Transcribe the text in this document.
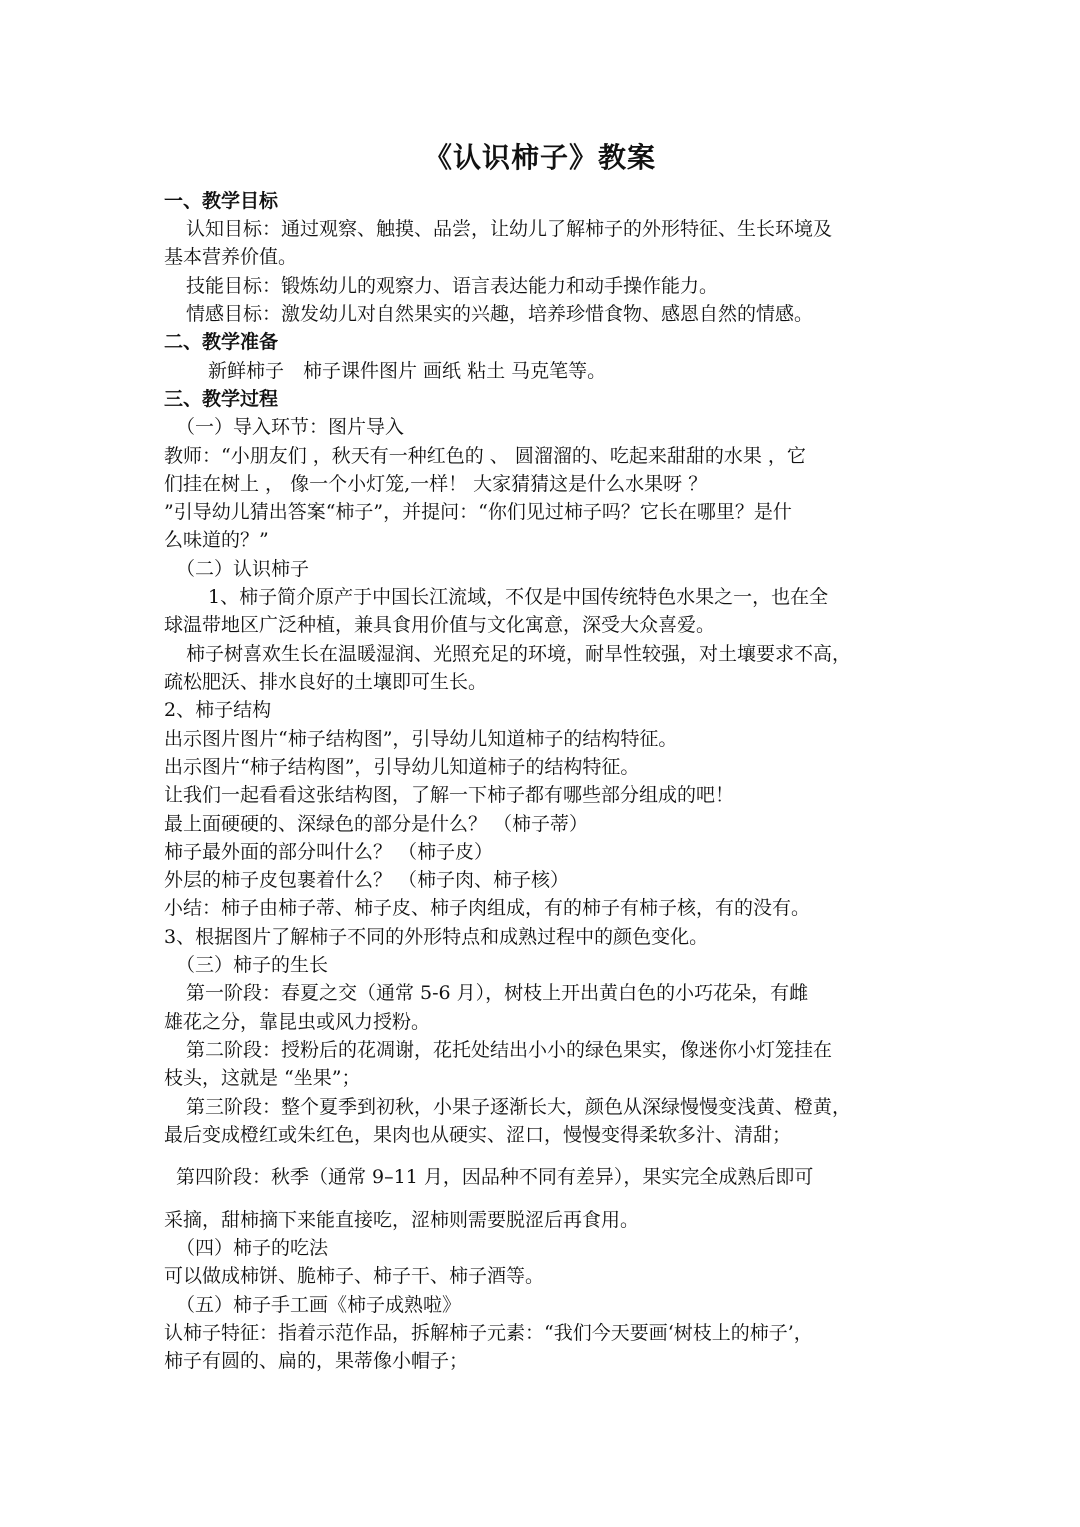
《认识柿子》教案
一、教学目标
认知目标：通过观察、触摸、品尝，让幼儿了解柿子的外形特征、生长环境及
基本营养价值。
技能目标：锻炼幼儿的观察力、语言表达能力和动手操作能力。
情感目标：激发幼儿对自然果实的兴趣，培养珍惜食物、感恩自然的情感。
二、教学准备
新鲜柿子　柿子课件图片 画纸 粘土 马克笔等。
三、教学过程
（一）导入环节：图片导入
教师：“小朋友们 ，秋天有一种红色的 、 圆溜溜的、吃起来甜甜的水果 ，它
们挂在树上 ， 像一个小灯笼,一样！ 大家猜猜这是什么水果呀 ？
”引导幼儿猜出答案“柿子”，并提问：“你们见过柿子吗？它长在哪里？是什
么味道的？”
（二）认识柿子
1、柿子简介原产于中国长江流域，不仅是中国传统特色水果之一，也在全
球温带地区广泛种植，兼具食用价值与文化寓意，深受大众喜爱。
柿子树喜欢生长在温暖湿润、光照充足的环境，耐旱性较强，对土壤要求不高，
疏松肥沃、排水良好的土壤即可生长。
2、柿子结构
出示图片图片“柿子结构图”，引导幼儿知道柿子的结构特征。
出示图片“柿子结构图”，引导幼儿知道柿子的结构特征。
让我们一起看看这张结构图，了解一下柿子都有哪些部分组成的吧！
最上面硬硬的、深绿色的部分是什么？ （柿子蒂）
柿子最外面的部分叫什么？ （柿子皮）
外层的柿子皮包裹着什么？ （柿子肉、柿子核）
小结：柿子由柿子蒂、柿子皮、柿子肉组成，有的柿子有柿子核，有的没有。
3、根据图片了解柿子不同的外形特点和成熟过程中的颜色变化。
（三）柿子的生长
第一阶段：春夏之交（通常 5-6 月），树枝上开出黄白色的小巧花朵，有雌
雄花之分，靠昆虫或风力授粉。
第二阶段：授粉后的花凋谢，花托处结出小小的绿色果实，像迷你小灯笼挂在
枝头，这就是 “坐果”；
第三阶段：整个夏季到初秋，小果子逐渐长大，颜色从深绿慢慢变浅黄、橙黄，
最后变成橙红或朱红色，果肉也从硬实、涩口，慢慢变得柔软多汁、清甜；
第四阶段：秋季（通常 9–11 月，因品种不同有差异），果实完全成熟后即可
采摘，甜柿摘下来能直接吃，涩柿则需要脱涩后再食用。
（四）柿子的吃法
可以做成柿饼、脆柿子、柿子干、柿子酒等。
（五）柿子手工画《柿子成熟啦》
认柿子特征：指着示范作品，拆解柿子元素：“我们今天要画‘树枝上的柿子’，
柿子有圆的、扁的，果蒂像小帽子；
